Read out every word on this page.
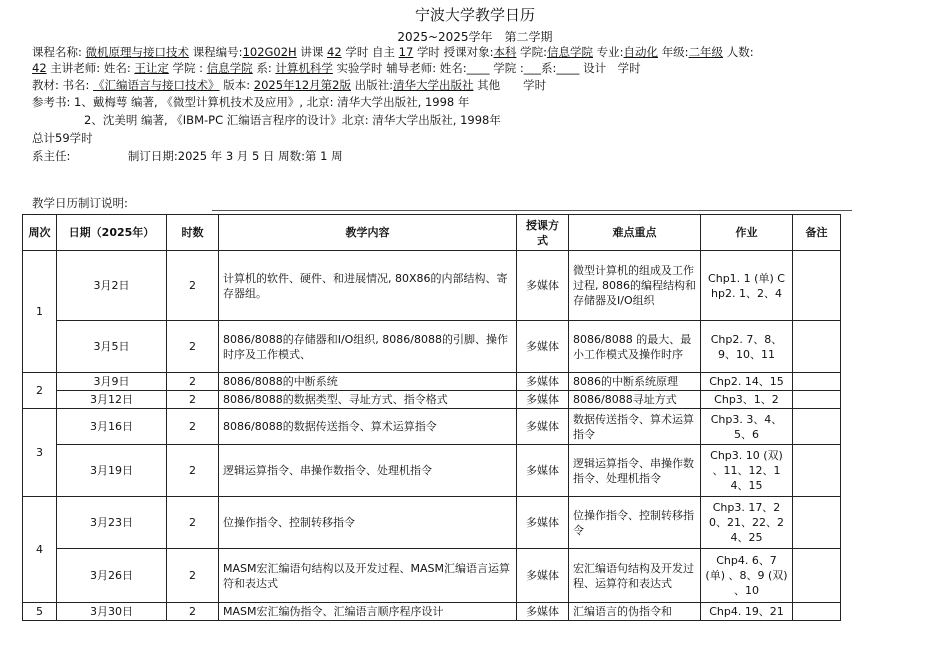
宁波大学教学日历
2025~2025学年　第二学期
课程名称: 微机原理与接口技术 课程编号:102G02H 讲课 42 学时 自主 17 学时 授课对象:本科 学院:信息学院 专业:自动化 年级:二年级 人数:
42 主讲老师: 姓名: 王让定 学院 : 信息学院 系: 计算机科学 实验学时 辅导老师: 姓名:____ 学院 :___系:____ 设计　 学时
教材: 书名: 《汇编语言与接口技术》 版本: 2025年12月第2版 出版社:清华大学出版社 其他　　 学时
参考书: 1、戴梅萼 编著, 《微型计算机技术及应用》, 北京: 清华大学出版社, 1998 年
2、沈美明 编著, 《IBM-PC 汇编语言程序的设计》北京: 清华大学出版社, 1998年
总计59学时
系主任:　　　　　	制订日期:2025 年 3 月 5 日 周数:第 1 周
教学日历制订说明:
周次	日期（2025年）	时数	教学内容	授课方式	难点重点	作业	备注
1	3月2日	2	计算机的软件、硬件、和进展情况, 80X86的内部结构、寄存器组。	多媒体	微型计算机的组成及工作过程, 8086的编程结构和存储器及I/O组织	Chp1. 1 (单) Chp2. 1、2、4	
	3月5日	2	8086/8088的存储器和I/O组织, 8086/8088的引脚、操作时序及工作模式、	多媒体	8086/8088 的最大、最小工作模式及操作时序	Chp2. 7、8、9、10、11	
2	3月9日	2	8086/8088的中断系统	多媒体	8086的中断系统原理	Chp2. 14、15	
	3月12日	2	8086/8088的数据类型、寻址方式、指令格式	多媒体	8086/8088寻址方式	Chp3、1、2	
3	3月16日	2	8086/8088的数据传送指令、算术运算指令	多媒体	数据传送指令、算术运算指令	Chp3. 3、4、5、6	
	3月19日	2	逻辑运算指令、串操作数指令、处理机指令	多媒体	逻辑运算指令、串操作数指令、处理机指令	Chp3. 10 (双) 、11、12、14、15	
4	3月23日	2	位操作指令、控制转移指令	多媒体	位操作指令、控制转移指令	Chp3. 17、20、21、22、24、25	
	3月26日	2	MASM宏汇编语句结构以及开发过程、MASM汇编语言运算符和表达式	多媒体	宏汇编语句结构及开发过程、运算符和表达式	Chp4. 6、7 (单) 、8、9 (双) 、10	
5	3月30日	2	MASM宏汇编伪指令、汇编语言顺序程序设计	多媒体	汇编语言的伪指令和	Chp4. 19、21	
